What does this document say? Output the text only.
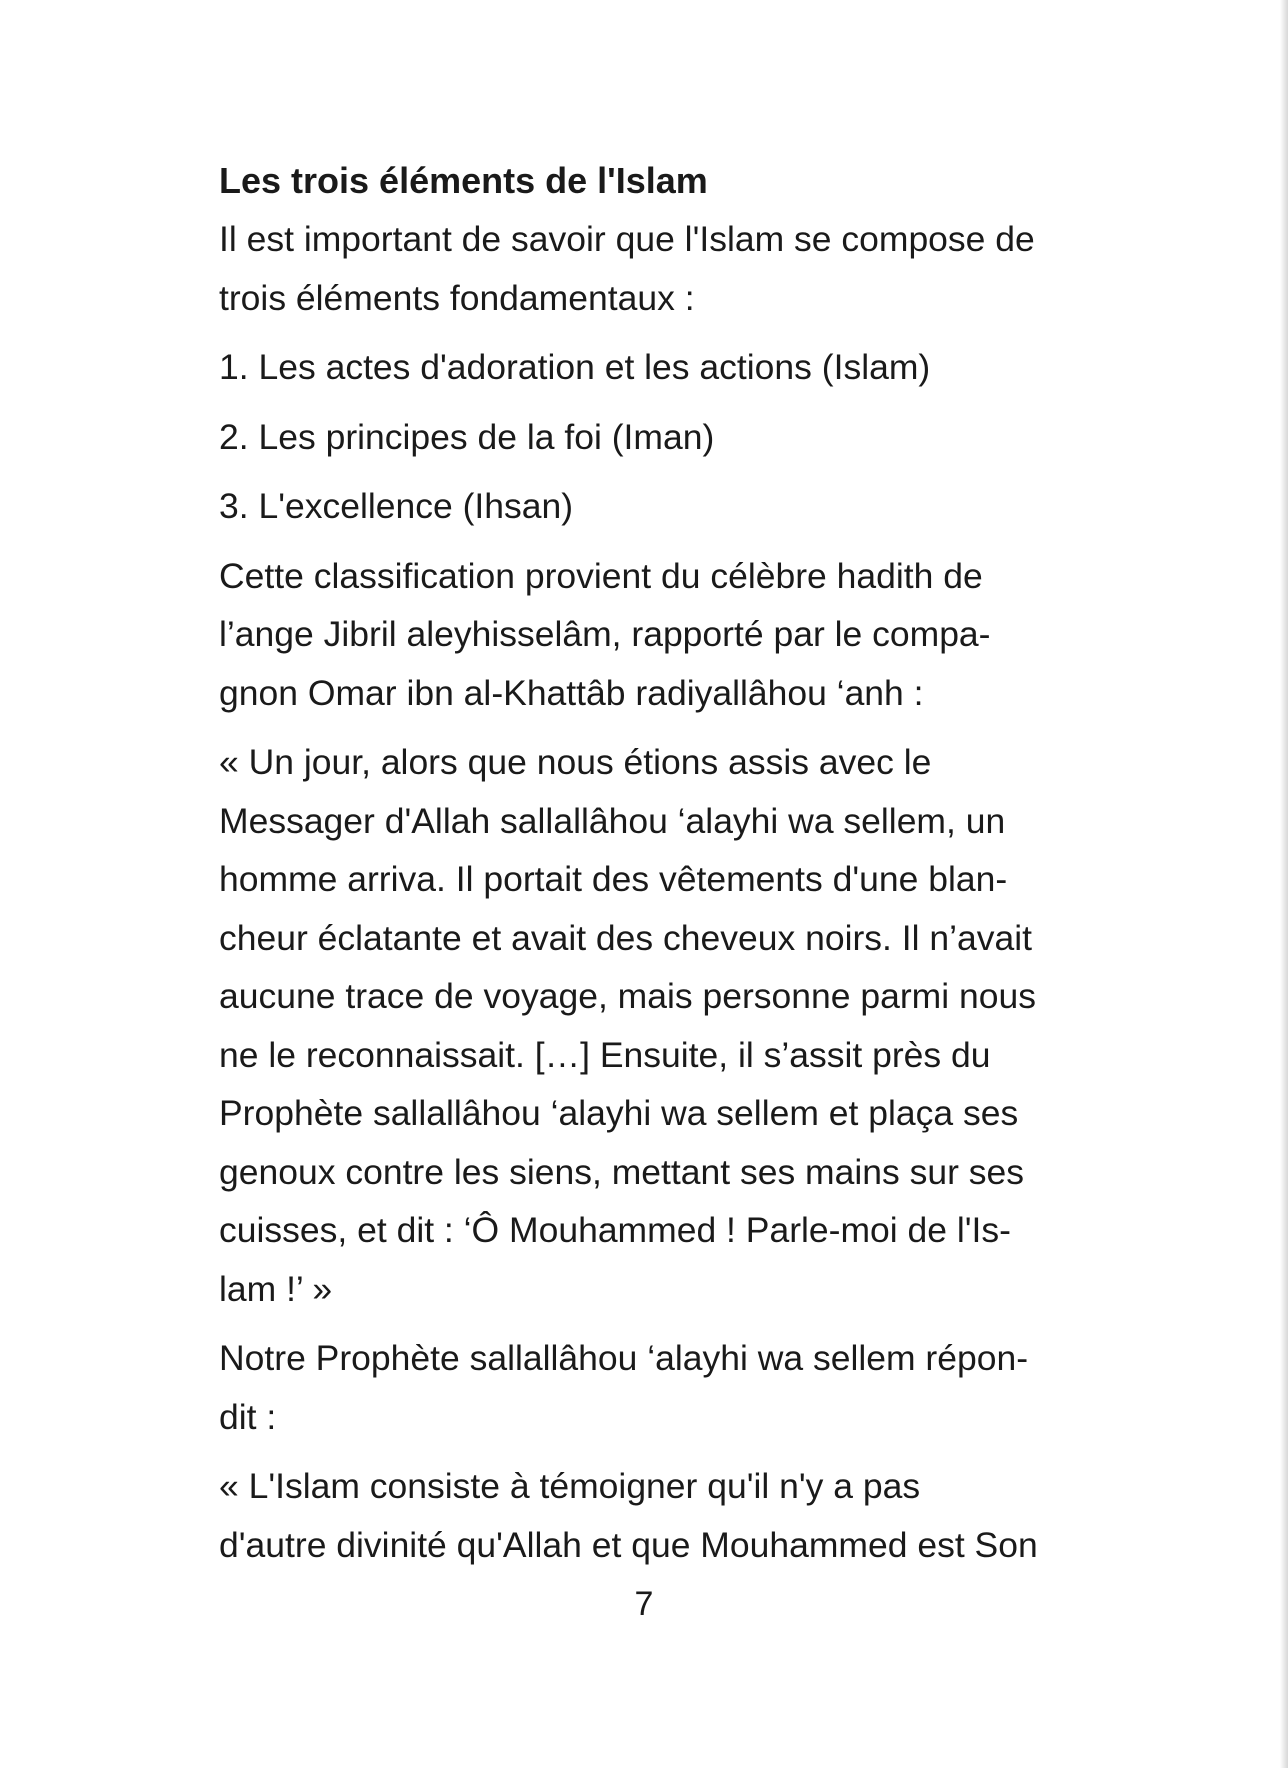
Les trois éléments de l'Islam

Il est important de savoir que l'Islam se compose de
trois éléments fondamentaux :

1. Les actes d'adoration et les actions (Islam)

2. Les principes de la foi (Iman)

3. L'excellence (Ihsan)

Cette classification provient du célèbre hadith de
l’ange Jibril aleyhisselâm, rapporté par le compa-
gnon Omar ibn al-Khattâb radiyallâhou ‘anh :

« Un jour, alors que nous étions assis avec le
Messager d'Allah sallallâhou ‘alayhi wa sellem, un
homme arriva. Il portait des vêtements d'une blan-
cheur éclatante et avait des cheveux noirs. Il n’avait
aucune trace de voyage, mais personne parmi nous
ne le reconnaissait. […] Ensuite, il s’assit près du
Prophète sallallâhou ‘alayhi wa sellem et plaça ses
genoux contre les siens, mettant ses mains sur ses
cuisses, et dit : ‘Ô Mouhammed ! Parle-moi de l'Is-
lam !’ »

Notre Prophète sallallâhou ‘alayhi wa sellem répon-
dit :

« L'Islam consiste à témoigner qu'il n'y a pas
d'autre divinité qu'Allah et que Mouhammed est Son

7
